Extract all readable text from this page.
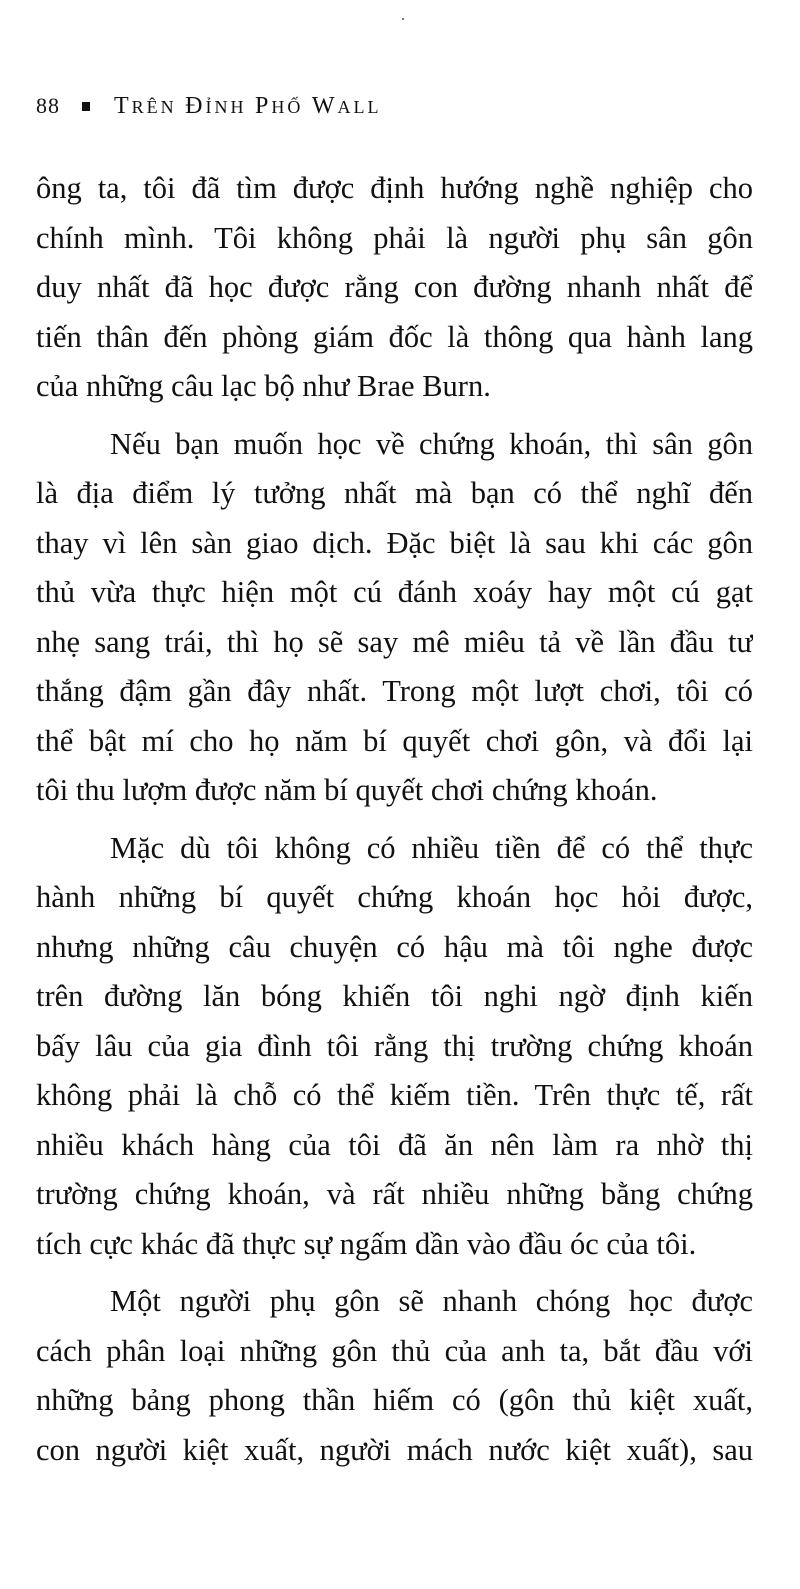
88 TRÊN ĐỈNH PHỐ WALL
ông ta, tôi đã tìm được định hướng nghề nghiệp cho
chính mình. Tôi không phải là người phụ sân gôn
duy nhất đã học được rằng con đường nhanh nhất để
tiến thân đến phòng giám đốc là thông qua hành lang
của những câu lạc bộ như Brae Burn.
Nếu bạn muốn học về chứng khoán, thì sân gôn
là địa điểm lý tưởng nhất mà bạn có thể nghĩ đến
thay vì lên sàn giao dịch. Đặc biệt là sau khi các gôn
thủ vừa thực hiện một cú đánh xoáy hay một cú gạt
nhẹ sang trái, thì họ sẽ say mê miêu tả về lần đầu tư
thắng đậm gần đây nhất. Trong một lượt chơi, tôi có
thể bật mí cho họ năm bí quyết chơi gôn, và đổi lại
tôi thu lượm được năm bí quyết chơi chứng khoán.
Mặc dù tôi không có nhiều tiền để có thể thực
hành những bí quyết chứng khoán học hỏi được,
nhưng những câu chuyện có hậu mà tôi nghe được
trên đường lăn bóng khiến tôi nghi ngờ định kiến
bấy lâu của gia đình tôi rằng thị trường chứng khoán
không phải là chỗ có thể kiếm tiền. Trên thực tế, rất
nhiều khách hàng của tôi đã ăn nên làm ra nhờ thị
trường chứng khoán, và rất nhiều những bằng chứng
tích cực khác đã thực sự ngấm dần vào đầu óc của tôi.
Một người phụ gôn sẽ nhanh chóng học được
cách phân loại những gôn thủ của anh ta, bắt đầu với
những bảng phong thần hiếm có (gôn thủ kiệt xuất,
con người kiệt xuất, người mách nước kiệt xuất), sau
